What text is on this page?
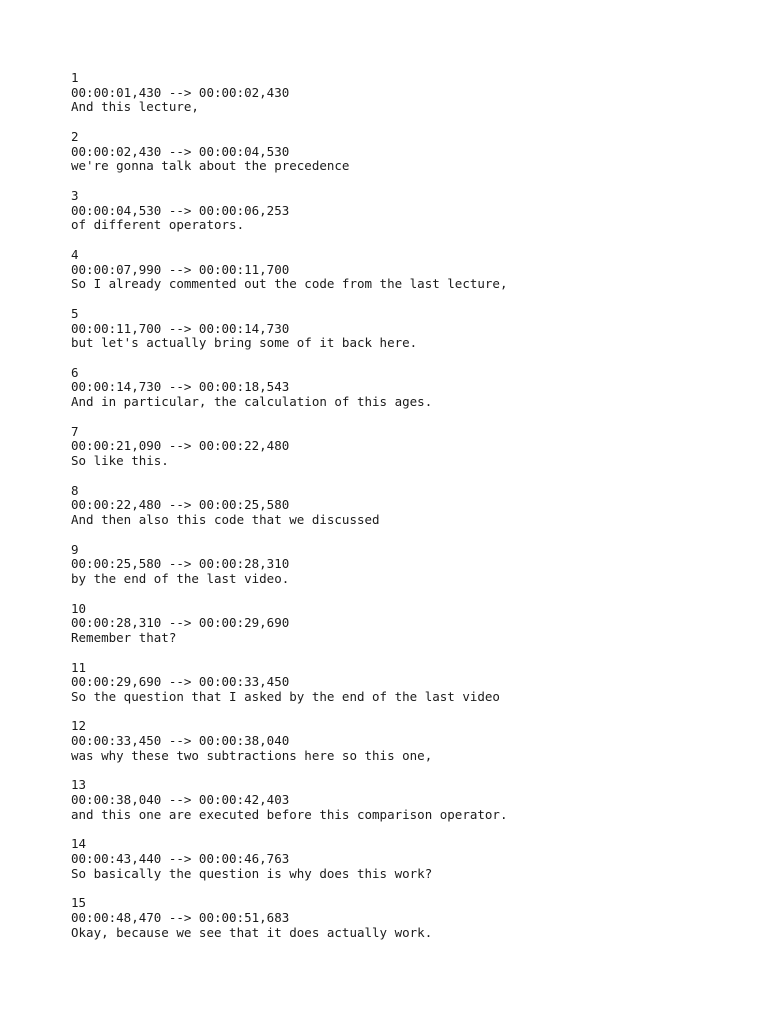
1
00:00:01,430 --> 00:00:02,430
And this lecture,
2
00:00:02,430 --> 00:00:04,530
we're gonna talk about the precedence
3
00:00:04,530 --> 00:00:06,253
of different operators.
4
00:00:07,990 --> 00:00:11,700
So I already commented out the code from the last lecture,
5
00:00:11,700 --> 00:00:14,730
but let's actually bring some of it back here.
6
00:00:14,730 --> 00:00:18,543
And in particular, the calculation of this ages.
7
00:00:21,090 --> 00:00:22,480
So like this.
8
00:00:22,480 --> 00:00:25,580
And then also this code that we discussed
9
00:00:25,580 --> 00:00:28,310
by the end of the last video.
10
00:00:28,310 --> 00:00:29,690
Remember that?
11
00:00:29,690 --> 00:00:33,450
So the question that I asked by the end of the last video
12
00:00:33,450 --> 00:00:38,040
was why these two subtractions here so this one,
13
00:00:38,040 --> 00:00:42,403
and this one are executed before this comparison operator.
14
00:00:43,440 --> 00:00:46,763
So basically the question is why does this work?
15
00:00:48,470 --> 00:00:51,683
Okay, because we see that it does actually work.
